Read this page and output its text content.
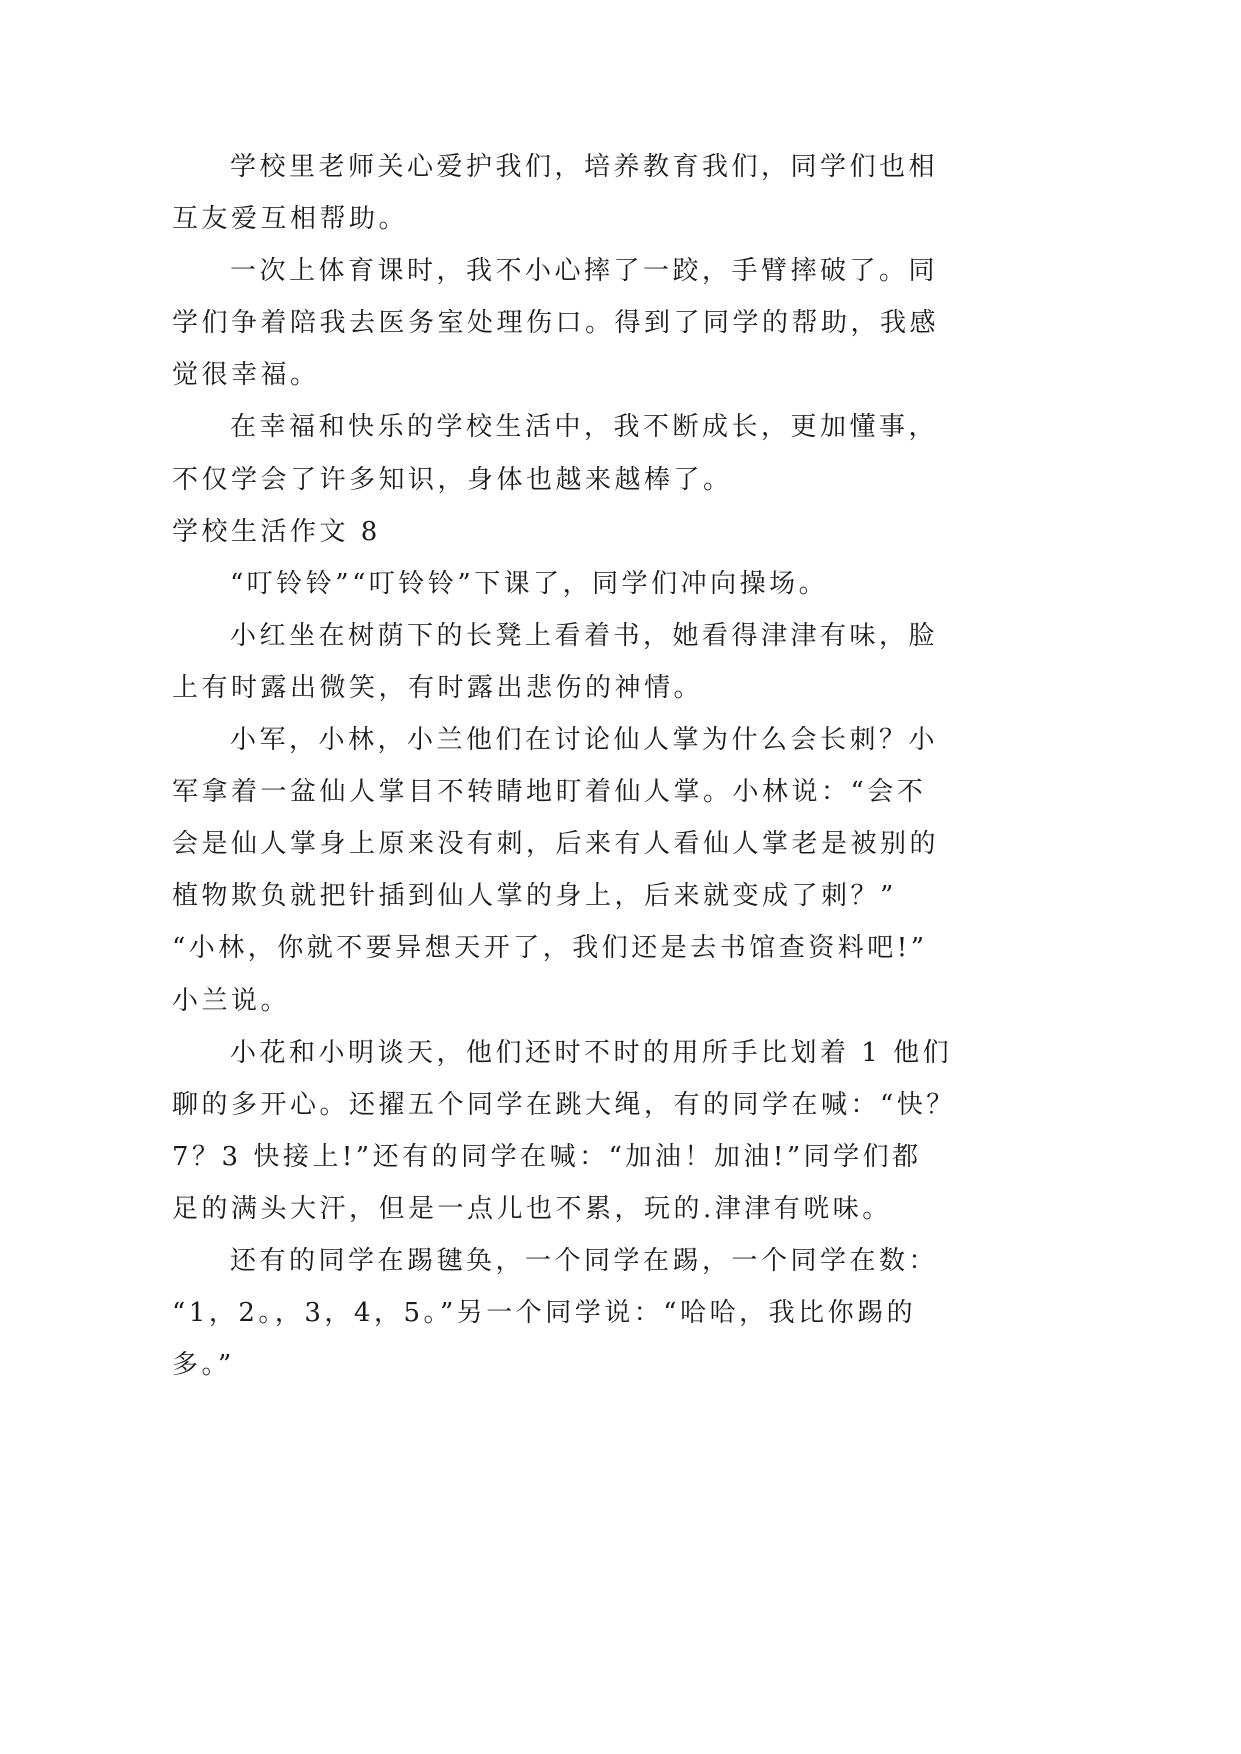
学校里老师关心爱护我们，培养教育我们，同学们也相
互友爱互相帮助。
一次上体育课时，我不小心摔了一跤，手臂摔破了。同
学们争着陪我去医务室处理伤口。得到了同学的帮助，我感
觉很幸福。
在幸福和快乐的学校生活中，我不断成长，更加懂事，
不仅学会了许多知识，身体也越来越棒了。
学校生活作文 8
“叮铃铃”“叮铃铃”下课了，同学们冲向操场。
小红坐在树荫下的长凳上看着书，她看得津津有味，脸
上有时露出微笑，有时露出悲伤的神情。
小军，小林，小兰他们在讨论仙人掌为什么会长刺？小
军拿着一盆仙人掌目不转睛地盯着仙人掌。小林说：“会不
会是仙人掌身上原来没有刺，后来有人看仙人掌老是被别的
植物欺负就把针插到仙人掌的身上，后来就变成了刺？”
“小林，你就不要异想天开了，我们还是去书馆查资料吧!”
小兰说。
小花和小明谈天，他们还时不时的用所手比划着 1 他们
聊的多开心。还擢五个同学在跳大绳，有的同学在喊：“快？
7？3 快接上!”还有的同学在喊：“加油！加油!”同学们都
足的满头大汗，但是一点儿也不累，玩的.津津有咣味。
还有的同学在踢毽奂，一个同学在踢，一个同学在数：
“1，2。，3，4，5。”另一个同学说：“哈哈，我比你踢的
多。”
